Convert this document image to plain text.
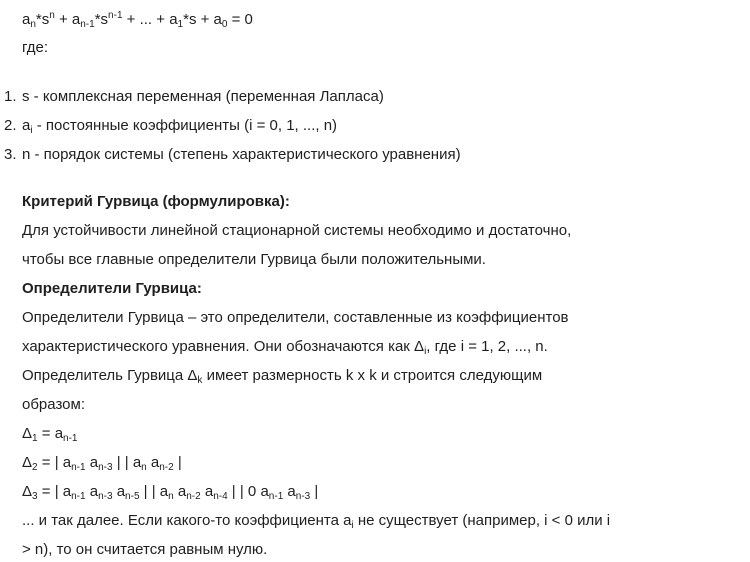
$a_n*s^n + a_{n-1}*s^{n-1}$ + ... + $a_1*s + a_0 = 0$
где:
1. s - комплексная переменная (переменная Лапласа)
2. $a_i$ - постоянные коэффициенты (i = 0, 1, ..., n)
3. n - порядок системы (степень характеристического уравнения)
Критерий Гурвица (формулировка):
Для устойчивости линейной стационарной системы необходимо и достаточно,
чтобы все главные определители Гурвица были положительными.
Определители Гурвица:
Определители Гурвица – это определители, составленные из коэффициентов
характеристического уравнения. Они обозначаются как $\Delta_i$, где i = 1, 2, ..., n.
Определитель Гурвица $\Delta_k$ имеет размерность k x k и строится следующим
образом:
$\Delta_1 = a_{n-1}$
$\Delta_2$ = | $a_{n-1}$ $a_{n-3}$ | | $a_n$ $a_{n-2}$ |
$\Delta_3$ = | $a_{n-1}$ $a_{n-3}$ $a_{n-5}$ | | $a_n$ $a_{n-2}$ $a_{n-4}$ | | 0 $a_{n-1}$ $a_{n-3}$ |
... и так далее. Если какого-то коэффициента $a_i$ не существует (например, i < 0 или i
> n), то он считается равным нулю.
